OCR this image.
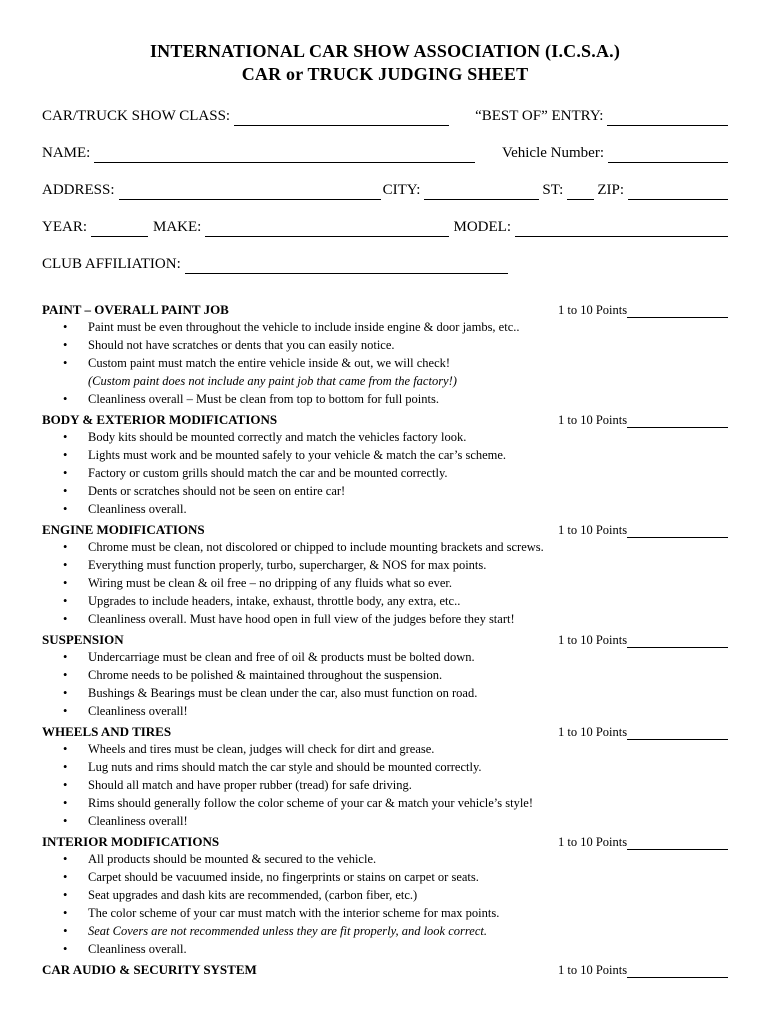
INTERNATIONAL CAR SHOW ASSOCIATION (I.C.S.A.)
CAR or TRUCK JUDGING SHEET
CAR/TRUCK SHOW CLASS:	“BEST OF” ENTRY:
NAME:	Vehicle Number:
ADDRESS:	CITY:	ST: ZIP:
YEAR:	MAKE:	MODEL:
CLUB AFFILIATION:
PAINT – OVERALL PAINT JOB	1 to 10 Points
• Paint must be even throughout the vehicle to include inside engine & door jambs, etc..
• Should not have scratches or dents that you can easily notice.
• Custom paint must match the entire vehicle inside & out, we will check!
(Custom paint does not include any paint job that came from the factory!)
• Cleanliness overall – Must be clean from top to bottom for full points.
BODY & EXTERIOR MODIFICATIONS	1 to 10 Points
• Body kits should be mounted correctly and match the vehicles factory look.
• Lights must work and be mounted safely to your vehicle & match the car’s scheme.
• Factory or custom grills should match the car and be mounted correctly.
• Dents or scratches should not be seen on entire car!
• Cleanliness overall.
ENGINE MODIFICATIONS	1 to 10 Points
• Chrome must be clean, not discolored or chipped to include mounting brackets and screws.
• Everything must function properly, turbo, supercharger, & NOS for max points.
• Wiring must be clean & oil free – no dripping of any fluids what so ever.
• Upgrades to include headers, intake, exhaust, throttle body, any extra, etc..
• Cleanliness overall. Must have hood open in full view of the judges before they start!
SUSPENSION	1 to 10 Points
• Undercarriage must be clean and free of oil & products must be bolted down.
• Chrome needs to be polished & maintained throughout the suspension.
• Bushings & Bearings must be clean under the car, also must function on road.
• Cleanliness overall!
WHEELS AND TIRES	1 to 10 Points
• Wheels and tires must be clean, judges will check for dirt and grease.
• Lug nuts and rims should match the car style and should be mounted correctly.
• Should all match and have proper rubber (tread) for safe driving.
• Rims should generally follow the color scheme of your car & match your vehicle’s style!
• Cleanliness overall!
INTERIOR MODIFICATIONS	1 to 10 Points
• All products should be mounted & secured to the vehicle.
• Carpet should be vacuumed inside, no fingerprints or stains on carpet or seats.
• Seat upgrades and dash kits are recommended, (carbon fiber, etc.)
• The color scheme of your car must match with the interior scheme for max points.
• Seat Covers are not recommended unless they are fit properly, and look correct.
• Cleanliness overall.
CAR AUDIO & SECURITY SYSTEM	1 to 10 Points
